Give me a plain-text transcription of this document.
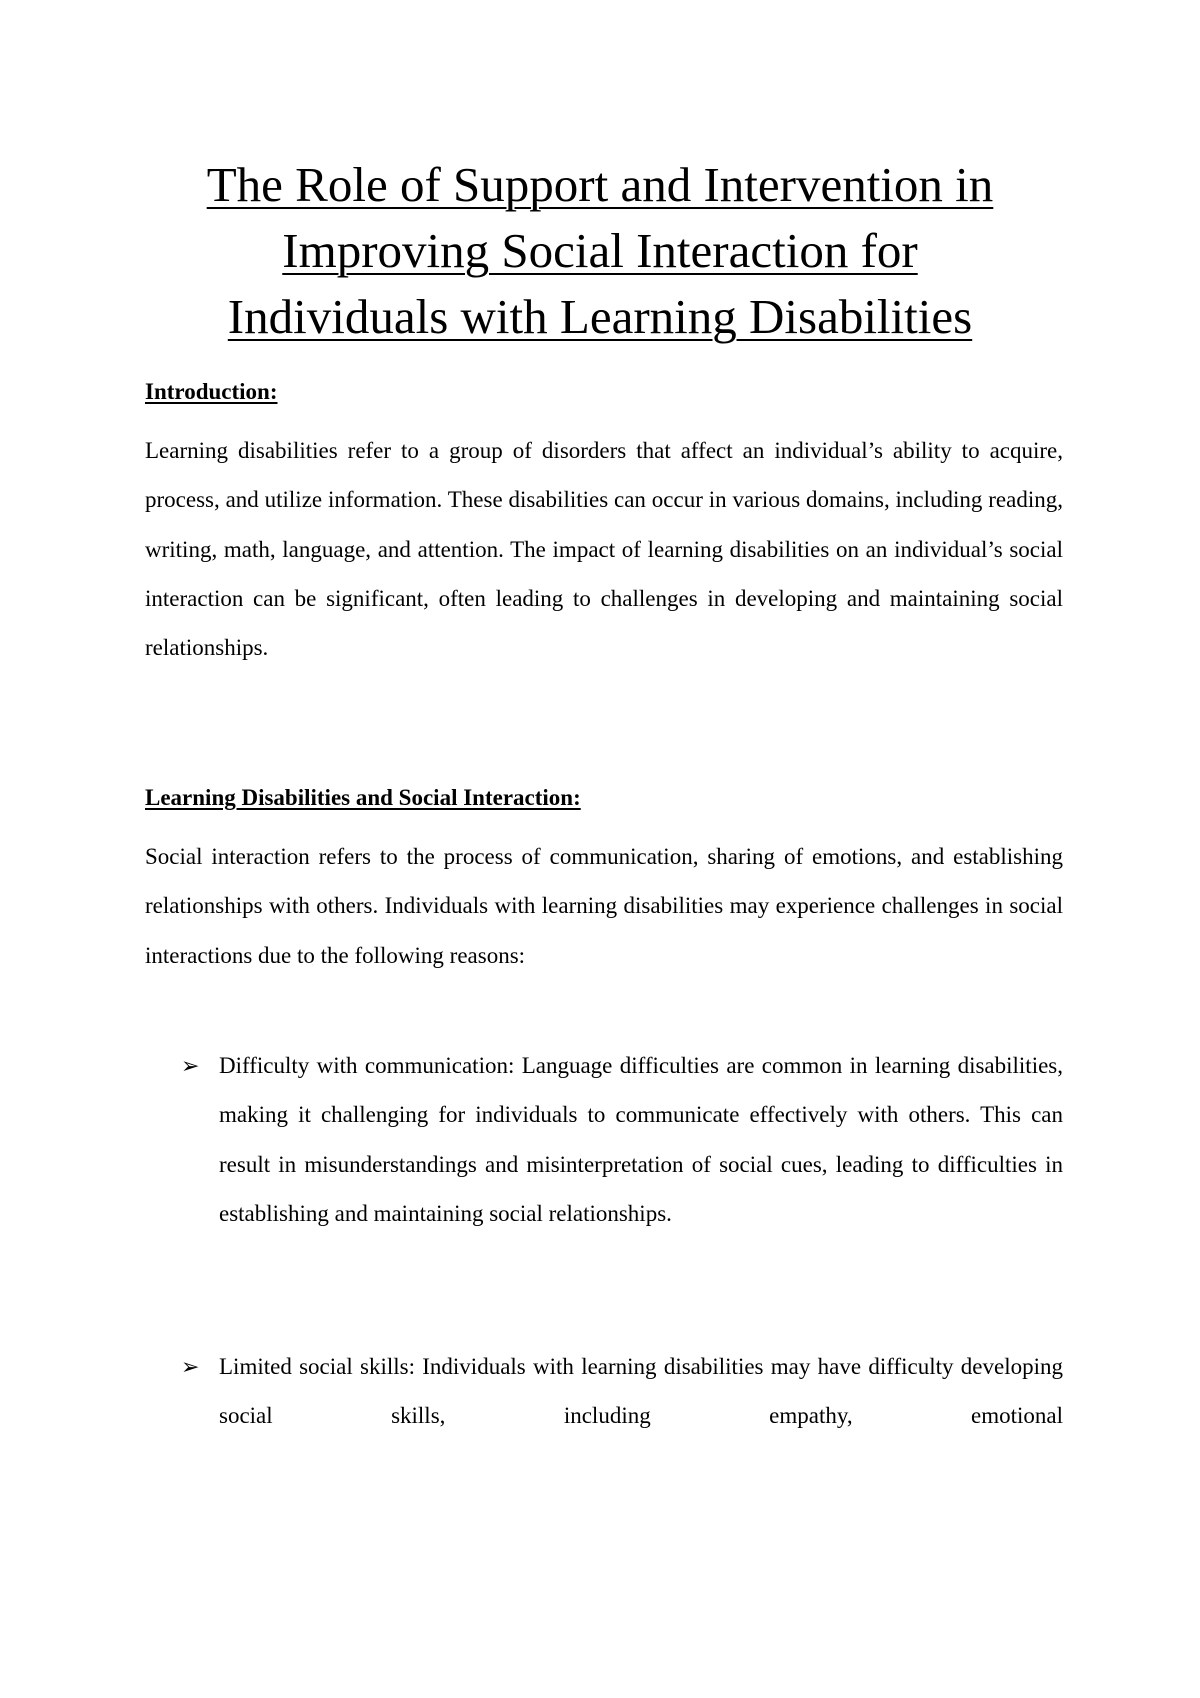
The Role of Support and Intervention in
Improving Social Interaction for
Individuals with Learning Disabilities
Introduction:

Learning disabilities refer to a group of disorders that affect an individual’s ability to acquire, process, and utilize information. These disabilities can occur in various domains, including reading, writing, math, language, and attention. The impact of learning disabilities on an individual’s social interaction can be significant, often leading to challenges in developing and maintaining social relationships.

Learning Disabilities and Social Interaction:

Social interaction refers to the process of communication, sharing of emotions, and establishing relationships with others. Individuals with learning disabilities may experience challenges in social interactions due to the following reasons:

➢ Difficulty with communication: Language difficulties are common in learning disabilities, making it challenging for individuals to communicate effectively with others. This can result in misunderstandings and misinterpretation of social cues, leading to difficulties in establishing and maintaining social relationships.
➢ Limited social skills: Individuals with learning disabilities may have difficulty developing social skills, including empathy, emotional
